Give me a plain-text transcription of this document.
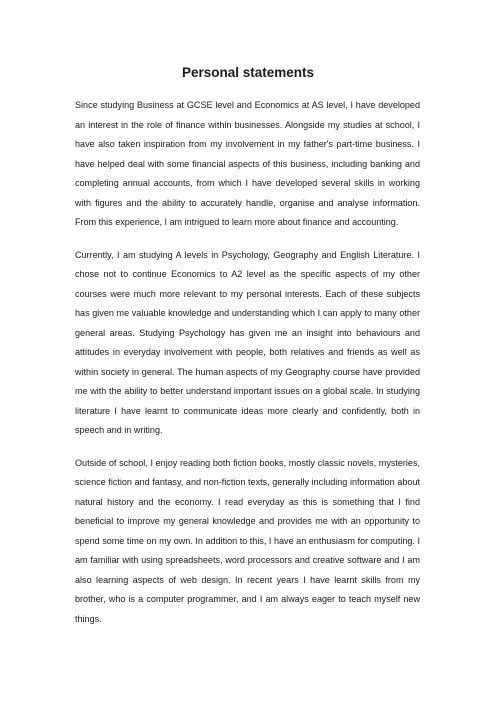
Personal statements

Since studying Business at GCSE level and Economics at AS level, I have developed an interest in the role of finance within businesses. Alongside my studies at school, I have also taken inspiration from my involvement in my father's part-time business. I have helped deal with some financial aspects of this business, including banking and completing annual accounts, from which I have developed several skills in working with figures and the ability to accurately handle, organise and analyse information. From this experience, I am intrigued to learn more about finance and accounting.

Currently, I am studying A levels in Psychology, Geography and English Literature. I chose not to continue Economics to A2 level as the specific aspects of my other courses were much more relevant to my personal interests. Each of these subjects has given me valuable knowledge and understanding which I can apply to many other general areas. Studying Psychology has given me an insight into behaviours and attitudes in everyday involvement with people, both relatives and friends as well as within society in general. The human aspects of my Geography course have provided me with the ability to better understand important issues on a global scale. In studying literature I have learnt to communicate ideas more clearly and confidently, both in speech and in writing.

Outside of school, I enjoy reading both fiction books, mostly classic novels, mysteries, science fiction and fantasy, and non-fiction texts, generally including information about natural history and the economy. I read everyday as this is something that I find beneficial to improve my general knowledge and provides me with an opportunity to spend some time on my own. In addition to this, I have an enthusiasm for computing. I am familiar with using spreadsheets, word processors and creative software and I am also learning aspects of web design. In recent years I have learnt skills from my brother, who is a computer programmer, and I am always eager to teach myself new things.
